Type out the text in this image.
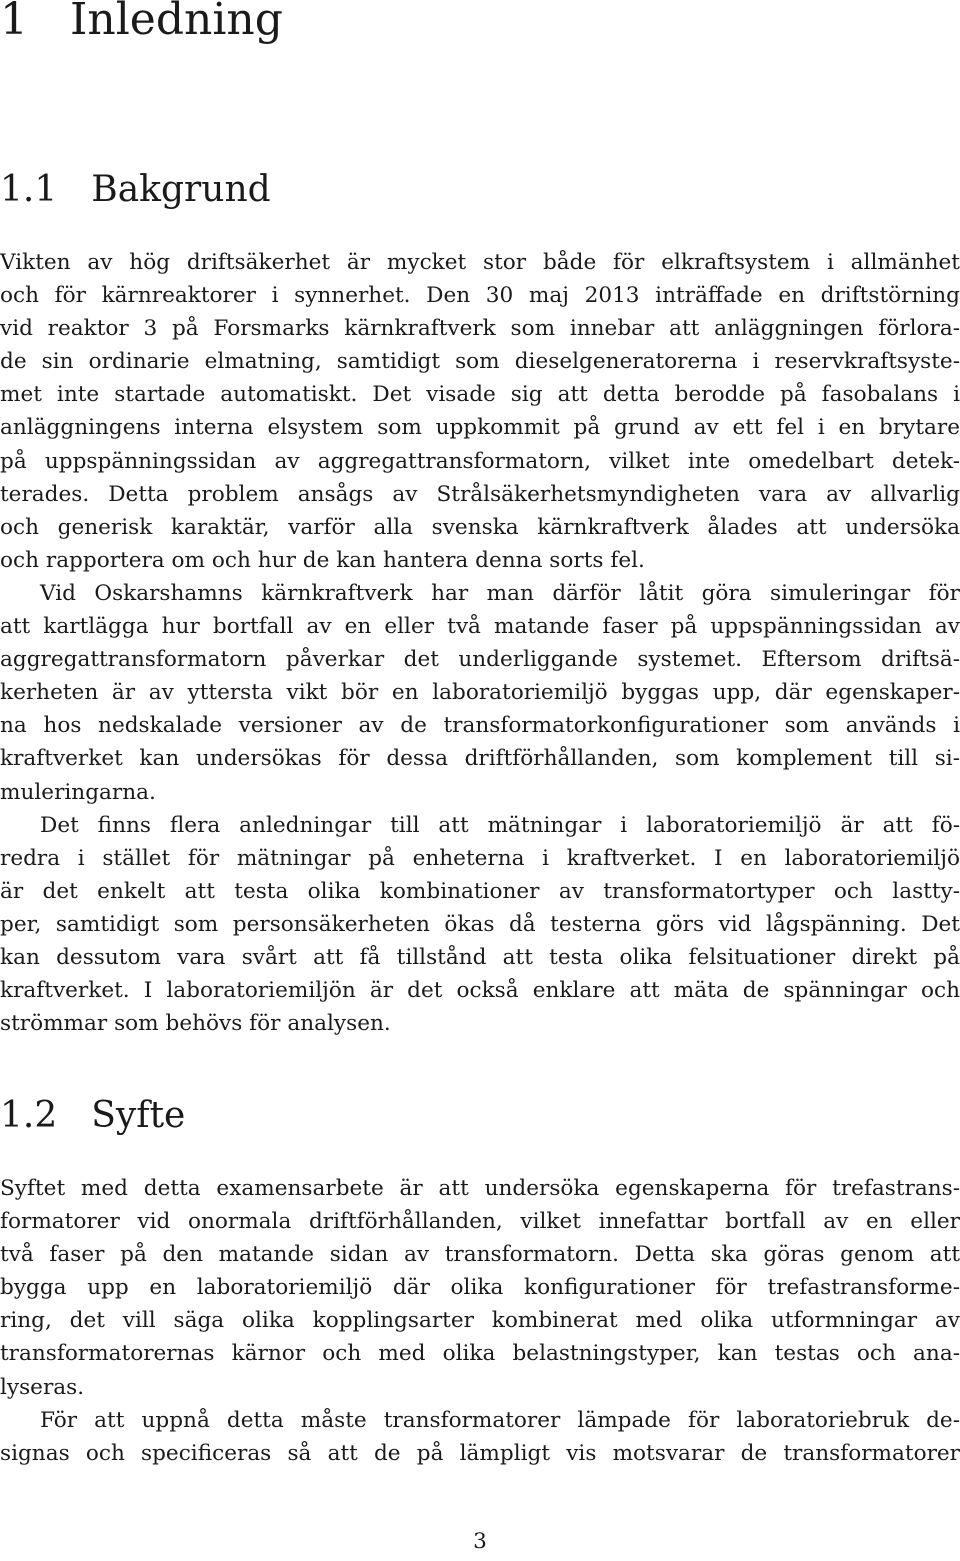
1 Inledning
1.1 Bakgrund
Vikten av hög driftsäkerhet är mycket stor både för elkraftsystem i allmänhet
och för kärnreaktorer i synnerhet. Den 30 maj 2013 inträffade en driftstörning
vid reaktor 3 på Forsmarks kärnkraftverk som innebar att anläggningen förlora-
de sin ordinarie elmatning, samtidigt som dieselgeneratorerna i reservkraftsyste-
met inte startade automatiskt. Det visade sig att detta berodde på fasobalans i
anläggningens interna elsystem som uppkommit på grund av ett fel i en brytare
på uppspänningssidan av aggregattransformatorn, vilket inte omedelbart detek-
terades. Detta problem ansågs av Strålsäkerhetsmyndigheten vara av allvarlig
och generisk karaktär, varför alla svenska kärnkraftverk ålades att undersöka
och rapportera om och hur de kan hantera denna sorts fel.
Vid Oskarshamns kärnkraftverk har man därför låtit göra simuleringar för
att kartlägga hur bortfall av en eller två matande faser på uppspänningssidan av
aggregattransformatorn påverkar det underliggande systemet. Eftersom driftsä-
kerheten är av yttersta vikt bör en laboratoriemiljö byggas upp, där egenskaper-
na hos nedskalade versioner av de transformatorkonfigurationer som används i
kraftverket kan undersökas för dessa driftförhållanden, som komplement till si-
muleringarna.
Det finns flera anledningar till att mätningar i laboratoriemiljö är att fö-
redra i stället för mätningar på enheterna i kraftverket. I en laboratoriemiljö
är det enkelt att testa olika kombinationer av transformatortyper och lastty-
per, samtidigt som personsäkerheten ökas då testerna görs vid lågspänning. Det
kan dessutom vara svårt att få tillstånd att testa olika felsituationer direkt på
kraftverket. I laboratoriemiljön är det också enklare att mäta de spänningar och
strömmar som behövs för analysen.
1.2 Syfte
Syftet med detta examensarbete är att undersöka egenskaperna för trefastrans-
formatorer vid onormala driftförhållanden, vilket innefattar bortfall av en eller
två faser på den matande sidan av transformatorn. Detta ska göras genom att
bygga upp en laboratoriemiljö där olika konfigurationer för trefastransforme-
ring, det vill säga olika kopplingsarter kombinerat med olika utformningar av
transformatorernas kärnor och med olika belastningstyper, kan testas och ana-
lyseras.
För att uppnå detta måste transformatorer lämpade för laboratoriebruk de-
signas och specificeras så att de på lämpligt vis motsvarar de transformatorer
3
